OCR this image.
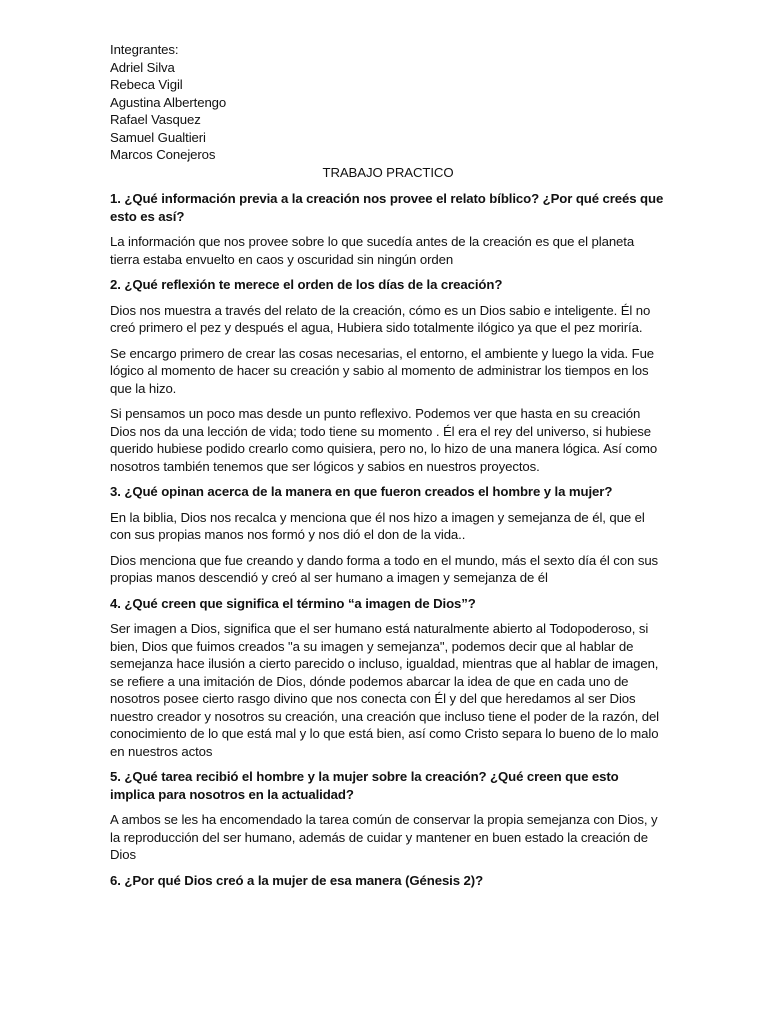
Integrantes:
Adriel Silva
Rebeca Vigil
Agustina Albertengo
Rafael Vasquez
Samuel Gualtieri
Marcos Conejeros
TRABAJO PRACTICO

1. ¿Qué información previa a la creación nos provee el relato bíblico? ¿Por qué creés que esto es así?

La información que nos provee sobre lo que sucedía antes de la creación es que el planeta tierra estaba envuelto en caos y oscuridad sin ningún orden

2. ¿Qué reflexión te merece el orden de los días de la creación?

Dios nos muestra a través del relato de la creación, cómo es un Dios sabio e inteligente. Él no creó primero el pez y después el agua, Hubiera sido totalmente ilógico ya que el pez moriría.

Se encargo primero de crear las cosas necesarias, el entorno, el ambiente y luego la vida. Fue lógico al momento de hacer su creación y sabio al momento de administrar los tiempos en los que la hizo.

Si pensamos un poco mas desde un punto reflexivo. Podemos ver que hasta en su creación Dios nos da una lección de vida; todo tiene su momento . Él era el rey del universo, si hubiese querido hubiese podido crearlo como quisiera, pero no, lo hizo de una manera lógica. Así como nosotros también tenemos que ser lógicos y sabios en nuestros proyectos.

3. ¿Qué opinan acerca de la manera en que fueron creados el hombre y la mujer?

En la biblia, Dios nos recalca y menciona que él nos hizo a imagen y semejanza de él, que el con sus propias manos nos formó y nos dió el don de la vida..

Dios menciona que fue creando y dando forma a todo en el mundo, más el sexto día él con sus propias manos descendió y creó al ser humano a imagen y semejanza de él

4. ¿Qué creen que significa el término “a imagen de Dios”?

Ser imagen a Dios, significa que el ser humano está naturalmente abierto al Todopoderoso, si bien, Dios que fuimos creados "a su imagen y semejanza", podemos decir que al hablar de semejanza hace ilusión a cierto parecido o incluso, igualdad, mientras que al hablar de imagen, se refiere a una imitación de Dios, dónde podemos abarcar la idea de que en cada uno de nosotros posee cierto rasgo divino que nos conecta con Él y del que heredamos al ser Dios nuestro creador y nosotros su creación, una creación que incluso tiene el poder de la razón, del conocimiento de lo que está mal y lo que está bien, así como Cristo separa lo bueno de lo malo en nuestros actos

5. ¿Qué tarea recibió el hombre y la mujer sobre la creación? ¿Qué creen que esto implica para nosotros en la actualidad?

A ambos se les ha encomendado la tarea común de conservar la propia semejanza con Dios, y la reproducción del ser humano, además de cuidar y mantener en buen estado la creación de Dios

6. ¿Por qué Dios creó a la mujer de esa manera (Génesis 2)?
